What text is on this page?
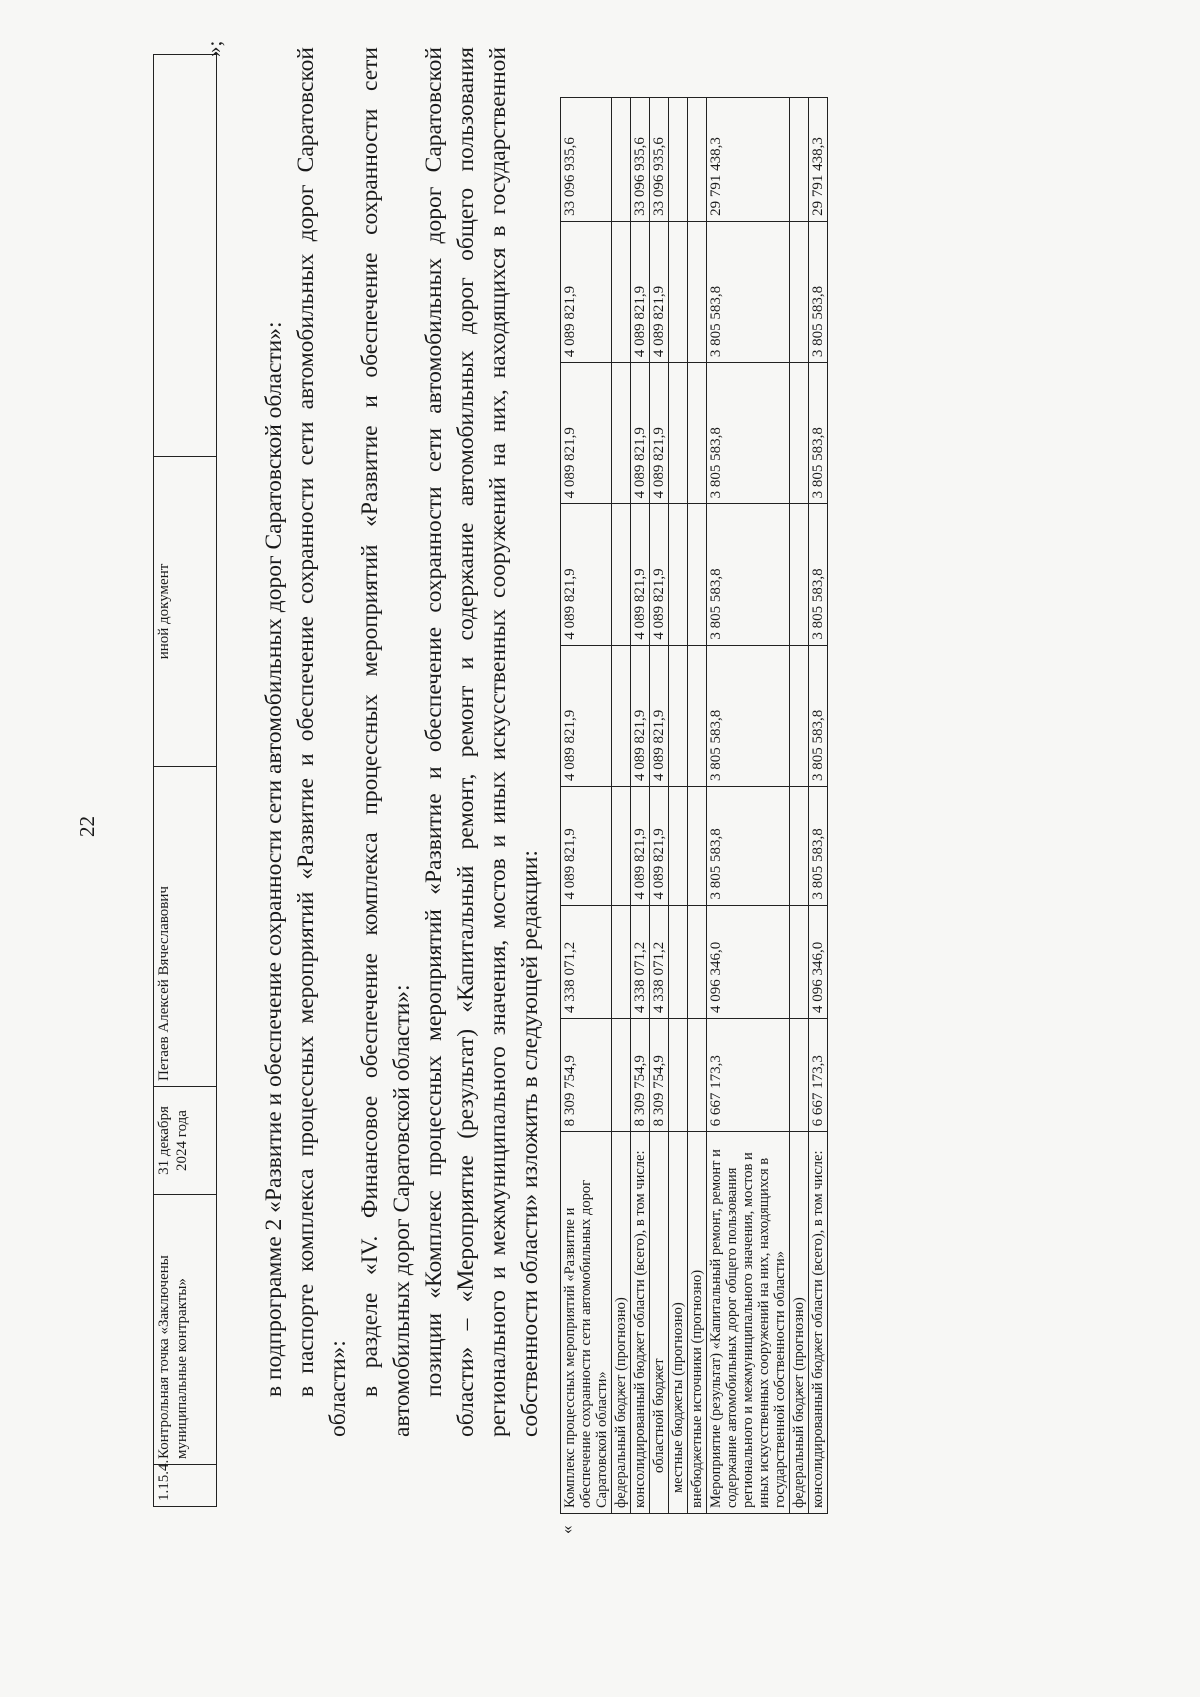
22
1.15.4.	Контрольная точка «Заключены муниципальные контракты»	31 декабря 2024 года	Петаев Алексей Вячеславович	иной документ	
»;

в подпрограмме 2 «Развитие и обеспечение сохранности сети автомобильных дорог Саратовской области»: в паспорте комплекса процессных мероприятий «Развитие и обеспечение сохранности сети автомобильных дорог Саратовской области»: в разделе «IV. Финансовое обеспечение комплекса процессных мероприятий «Развитие и обеспечение сохранности сети автомобильных дорог Саратовской области»: позиции «Комплекс процессных мероприятий «Развитие и обеспечение сохранности сети автомобильных дорог Саратовской области» – «Мероприятие (результат) «Капитальный ремонт, ремонт и содержание автомобильных дорог общего пользования регионального и межмуниципального значения, мостов и иных искусственных сооружений на них, находящихся в государственной собственности области» изложить в следующей редакции:

«
Комплекс процессных мероприятий «Развитие и обеспечение сохранности сети автомобильных дорог Саратовской области»	8 309 754,9	4 338 071,2	4 089 821,9	4 089 821,9	4 089 821,9	4 089 821,9	4 089 821,9	33 096 935,6
федеральный бюджет (прогнозно)								
консолидированный бюджет области (всего), в том числе:	8 309 754,9	4 338 071,2	4 089 821,9	4 089 821,9	4 089 821,9	4 089 821,9	4 089 821,9	33 096 935,6
областной бюджет	8 309 754,9	4 338 071,2	4 089 821,9	4 089 821,9	4 089 821,9	4 089 821,9	4 089 821,9	33 096 935,6
местные бюджеты (прогнозно)								
внебюджетные источники (прогнозно)								
Мероприятие (результат) «Капитальный ремонт, ремонт и содержание автомобильных дорог общего пользования регионального и межмуниципального значения, мостов и иных искусственных сооружений на них, находящихся в государственной собственности области»	6 667 173,3	4 096 346,0	3 805 583,8	3 805 583,8	3 805 583,8	3 805 583,8	3 805 583,8	29 791 438,3
федеральный бюджет (прогнозно)								
консолидированный бюджет области (всего), в том числе:	6 667 173,3	4 096 346,0	3 805 583,8	3 805 583,8	3 805 583,8	3 805 583,8	3 805 583,8	29 791 438,3
